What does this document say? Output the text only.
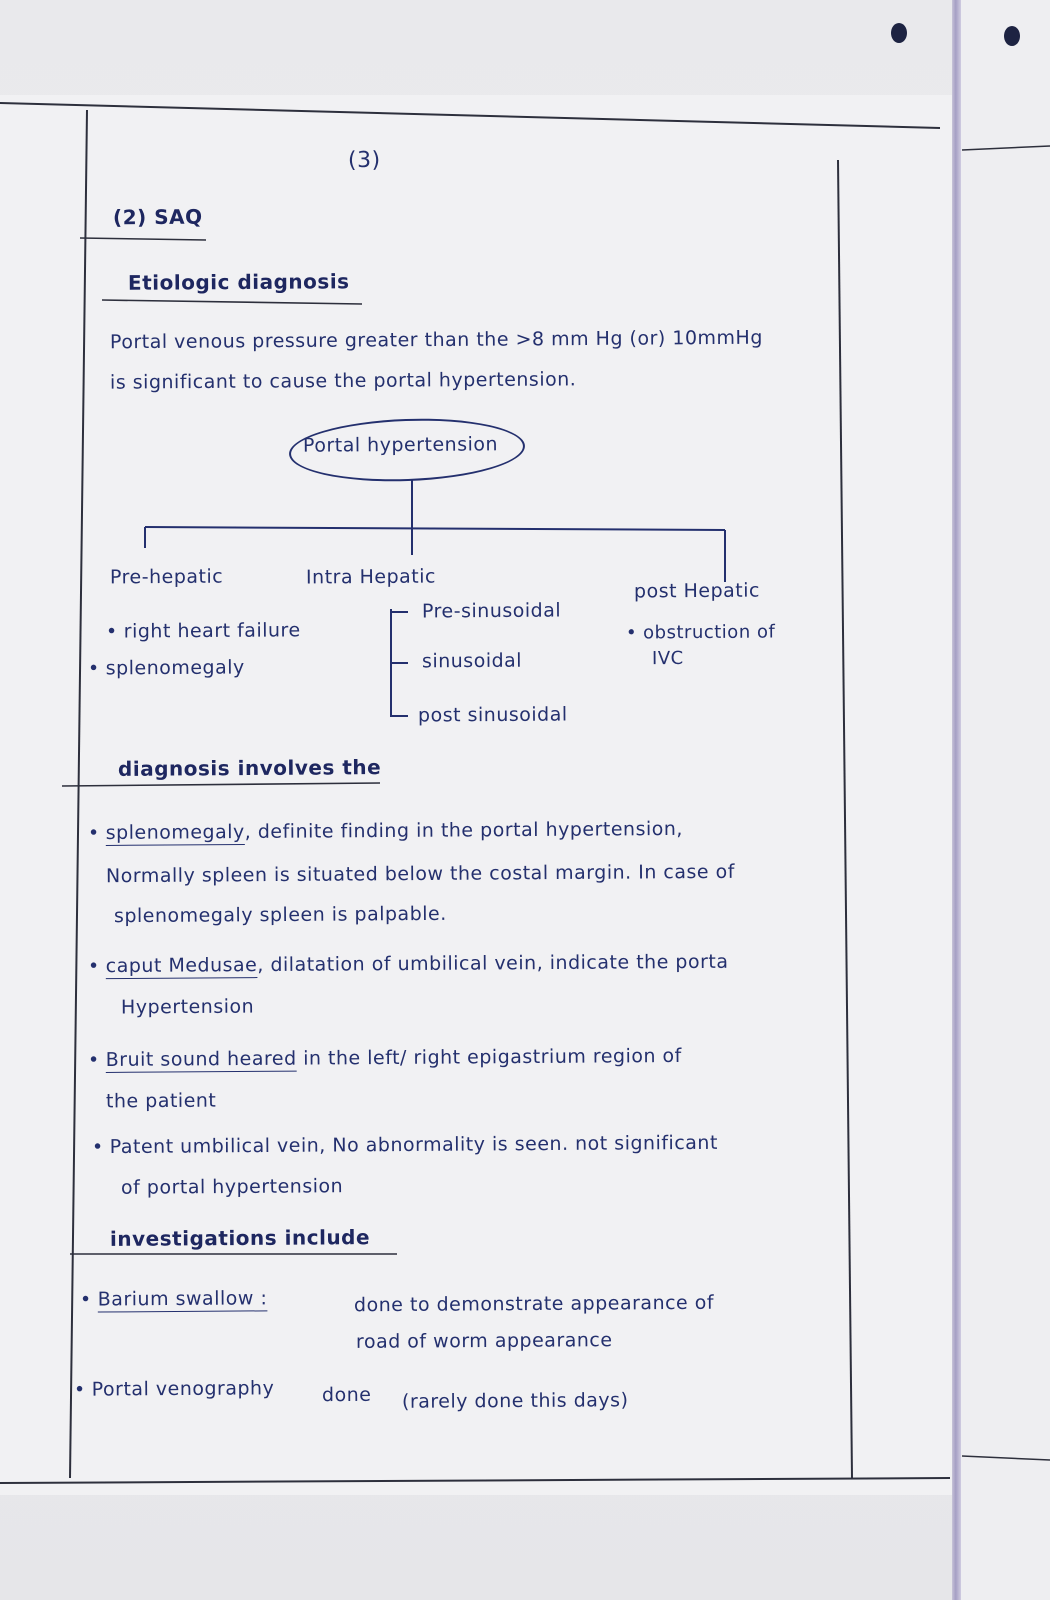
(3)

(2) SAQ

Etiologic diagnosis

Portal venous pressure greater than the >8 mm Hg (or) 10mmHg

is significant to cause the portal hypertension.

Portal hypertension

Pre-hepatic

• right heart failure

• splenomegaly

Intra Hepatic

Pre-sinusoidal

sinusoidal

post sinusoidal

post Hepatic

• obstruction of

IVC

diagnosis involves the

• splenomegaly, definite finding in the portal hypertension,

Normally spleen is situated below the costal margin. In case of

splenomegaly spleen is palpable.

• caput Medusae, dilatation of umbilical vein, indicate the porta

Hypertension

• Bruit sound heared in the left/ right epigastrium region of

the patient

• Patent umbilical vein, No abnormality is seen. not significant

of portal hypertension

investigations include

• Barium swallow :	done to demonstrate appearance of

road of worm appearance

• Portal venography	done (rarely done this days)
